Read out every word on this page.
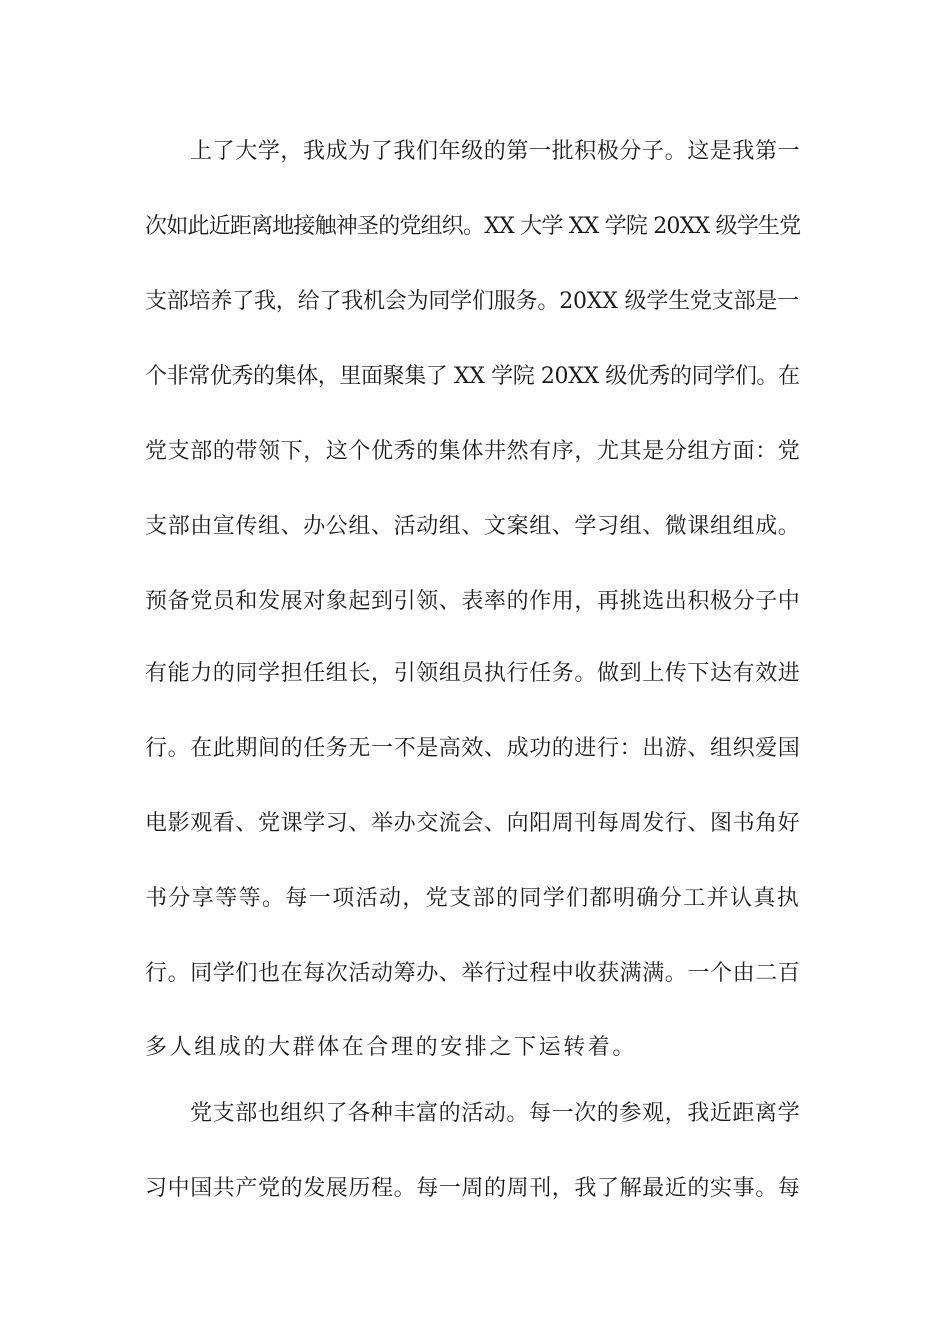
上了大学，我成为了我们年级的第一批积极分子。这是我第一
次如此近距离地接触神圣的党组织。XX 大学 XX 学院 20XX 级学生党
支部培养了我，给了我机会为同学们服务。20XX 级学生党支部是一
个非常优秀的集体，里面聚集了 XX 学院 20XX 级优秀的同学们。在
党支部的带领下，这个优秀的集体井然有序，尤其是分组方面：党
支部由宣传组、办公组、活动组、文案组、学习组、微课组组成。
预备党员和发展对象起到引领、表率的作用，再挑选出积极分子中
有能力的同学担任组长，引领组员执行任务。做到上传下达有效进
行。在此期间的任务无一不是高效、成功的进行：出游、组织爱国
电影观看、党课学习、举办交流会、向阳周刊每周发行、图书角好
书分享等等。每一项活动，党支部的同学们都明确分工并认真执
行。同学们也在每次活动筹办、举行过程中收获满满。一个由二百
多人组成的大群体在合理的安排之下运转着。
党支部也组织了各种丰富的活动。每一次的参观，我近距离学
习中国共产党的发展历程。每一周的周刊，我了解最近的实事。每
